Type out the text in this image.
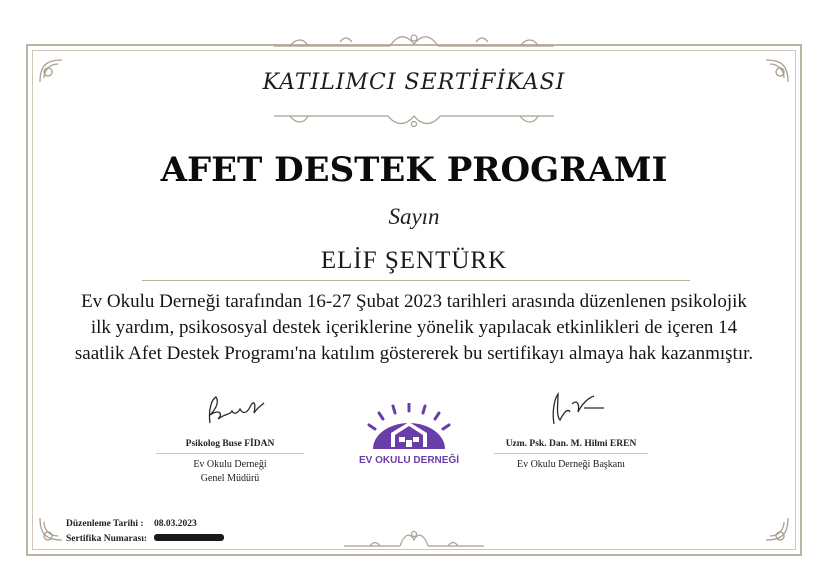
KATILIMCI SERTİFİKASI
AFET DESTEK PROGRAMI
Sayın
ELİF ŞENTÜRK
Ev Okulu Derneği tarafından 16-27 Şubat 2023 tarihleri arasında düzenlenen psikolojik
ilk yardım, psikososyal destek içeriklerine yönelik yapılacak etkinlikleri de içeren 14
saatlik Afet Destek Programı'na katılım göstererek bu sertifikayı almaya hak kazanmıştır.
Psikolog Buse FİDAN
Ev Okulu Derneği
Genel Müdürü
EV OKULU DERNEĞİ
Uzm. Psk. Dan. M. Hilmi EREN
Ev Okulu Derneği Başkanı
Düzenleme Tarihi :	08.03.2023
Sertifika Numarası:
